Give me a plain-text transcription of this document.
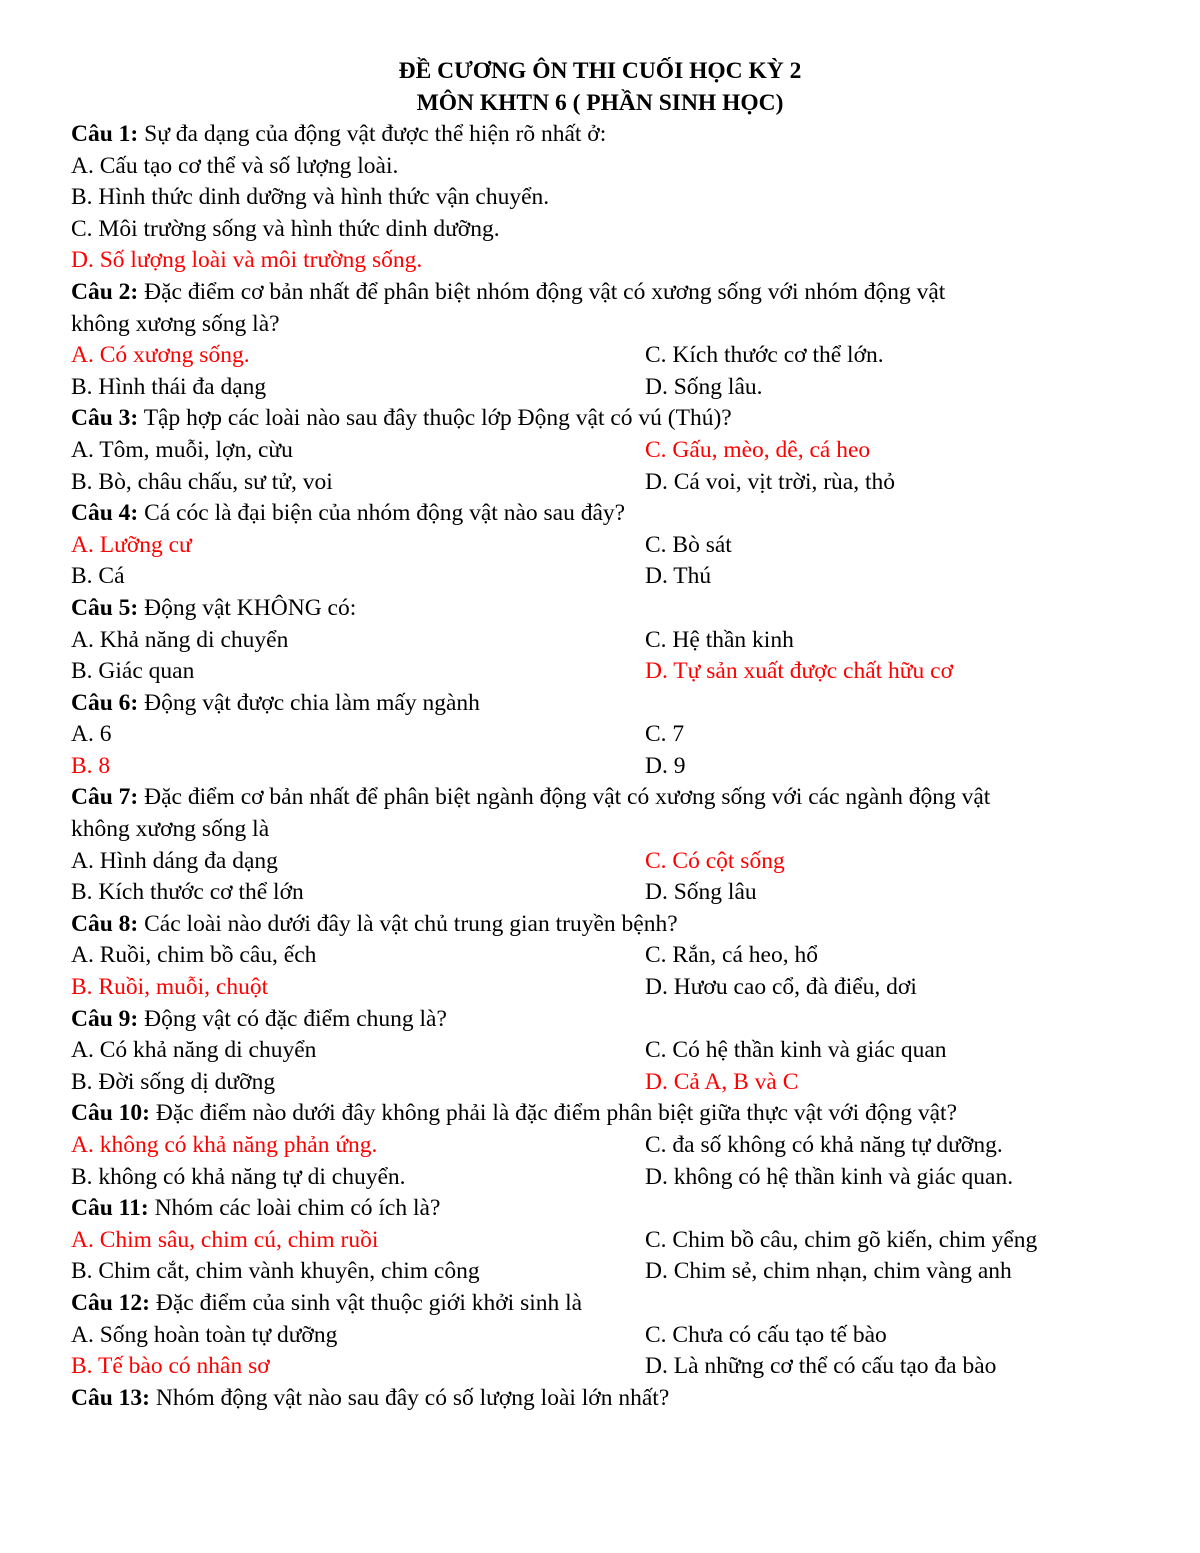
ĐỀ CƯƠNG ÔN THI CUỐI HỌC KỲ 2
MÔN KHTN 6 ( PHẦN SINH HỌC)
Câu 1: Sự đa dạng của động vật được thể hiện rõ nhất ở:
A. Cấu tạo cơ thể và số lượng loài.
B. Hình thức dinh dưỡng và hình thức vận chuyển.
C. Môi trường sống và hình thức dinh dưỡng.
D. Số lượng loài và môi trường sống.
Câu 2: Đặc điểm cơ bản nhất để phân biệt nhóm động vật có xương sống với nhóm động vật
không xương sống là?
A. Có xương sống.	C. Kích thước cơ thể lớn.
B. Hình thái đa dạng	D. Sống lâu.
Câu 3: Tập hợp các loài nào sau đây thuộc lớp Động vật có vú (Thú)?
A. Tôm, muỗi, lợn, cừu	C. Gấu, mèo, dê, cá heo
B. Bò, châu chấu, sư tử, voi	D. Cá voi, vịt trời, rùa, thỏ
Câu 4: Cá cóc là đại biện của nhóm động vật nào sau đây?
A. Lưỡng cư	C. Bò sát
B. Cá	D. Thú
Câu 5: Động vật KHÔNG có:
A. Khả năng di chuyển	C. Hệ thần kinh
B. Giác quan	D. Tự sản xuất được chất hữu cơ
Câu 6: Động vật được chia làm mấy ngành
A. 6	C. 7
B. 8	D. 9
Câu 7: Đặc điểm cơ bản nhất để phân biệt ngành động vật có xương sống với các ngành động vật
không xương sống là
A. Hình dáng đa dạng	C. Có cột sống
B. Kích thước cơ thể lớn	D. Sống lâu
Câu 8: Các loài nào dưới đây là vật chủ trung gian truyền bệnh?
A. Ruồi, chim bồ câu, ếch	C. Rắn, cá heo, hổ
B. Ruồi, muỗi, chuột	D. Hươu cao cổ, đà điểu, dơi
Câu 9: Động vật có đặc điểm chung là?
A. Có khả năng di chuyển	C. Có hệ thần kinh và giác quan
B. Đời sống dị dưỡng	D. Cả A, B và C
Câu 10: Đặc điểm nào dưới đây không phải là đặc điểm phân biệt giữa thực vật với động vật?
A. không có khả năng phản ứng.	C. đa số không có khả năng tự dưỡng.
B. không có khả năng tự di chuyển.	D. không có hệ thần kinh và giác quan.
Câu 11: Nhóm các loài chim có ích là?
A. Chim sâu, chim cú, chim ruồi	C. Chim bồ câu, chim gõ kiến, chim yểng
B. Chim cắt, chim vành khuyên, chim công	D. Chim sẻ, chim nhạn, chim vàng anh
Câu 12: Đặc điểm của sinh vật thuộc giới khởi sinh là
A. Sống hoàn toàn tự dưỡng	C. Chưa có cấu tạo tế bào
B. Tế bào có nhân sơ	D. Là những cơ thể có cấu tạo đa bào
Câu 13: Nhóm động vật nào sau đây có số lượng loài lớn nhất?
